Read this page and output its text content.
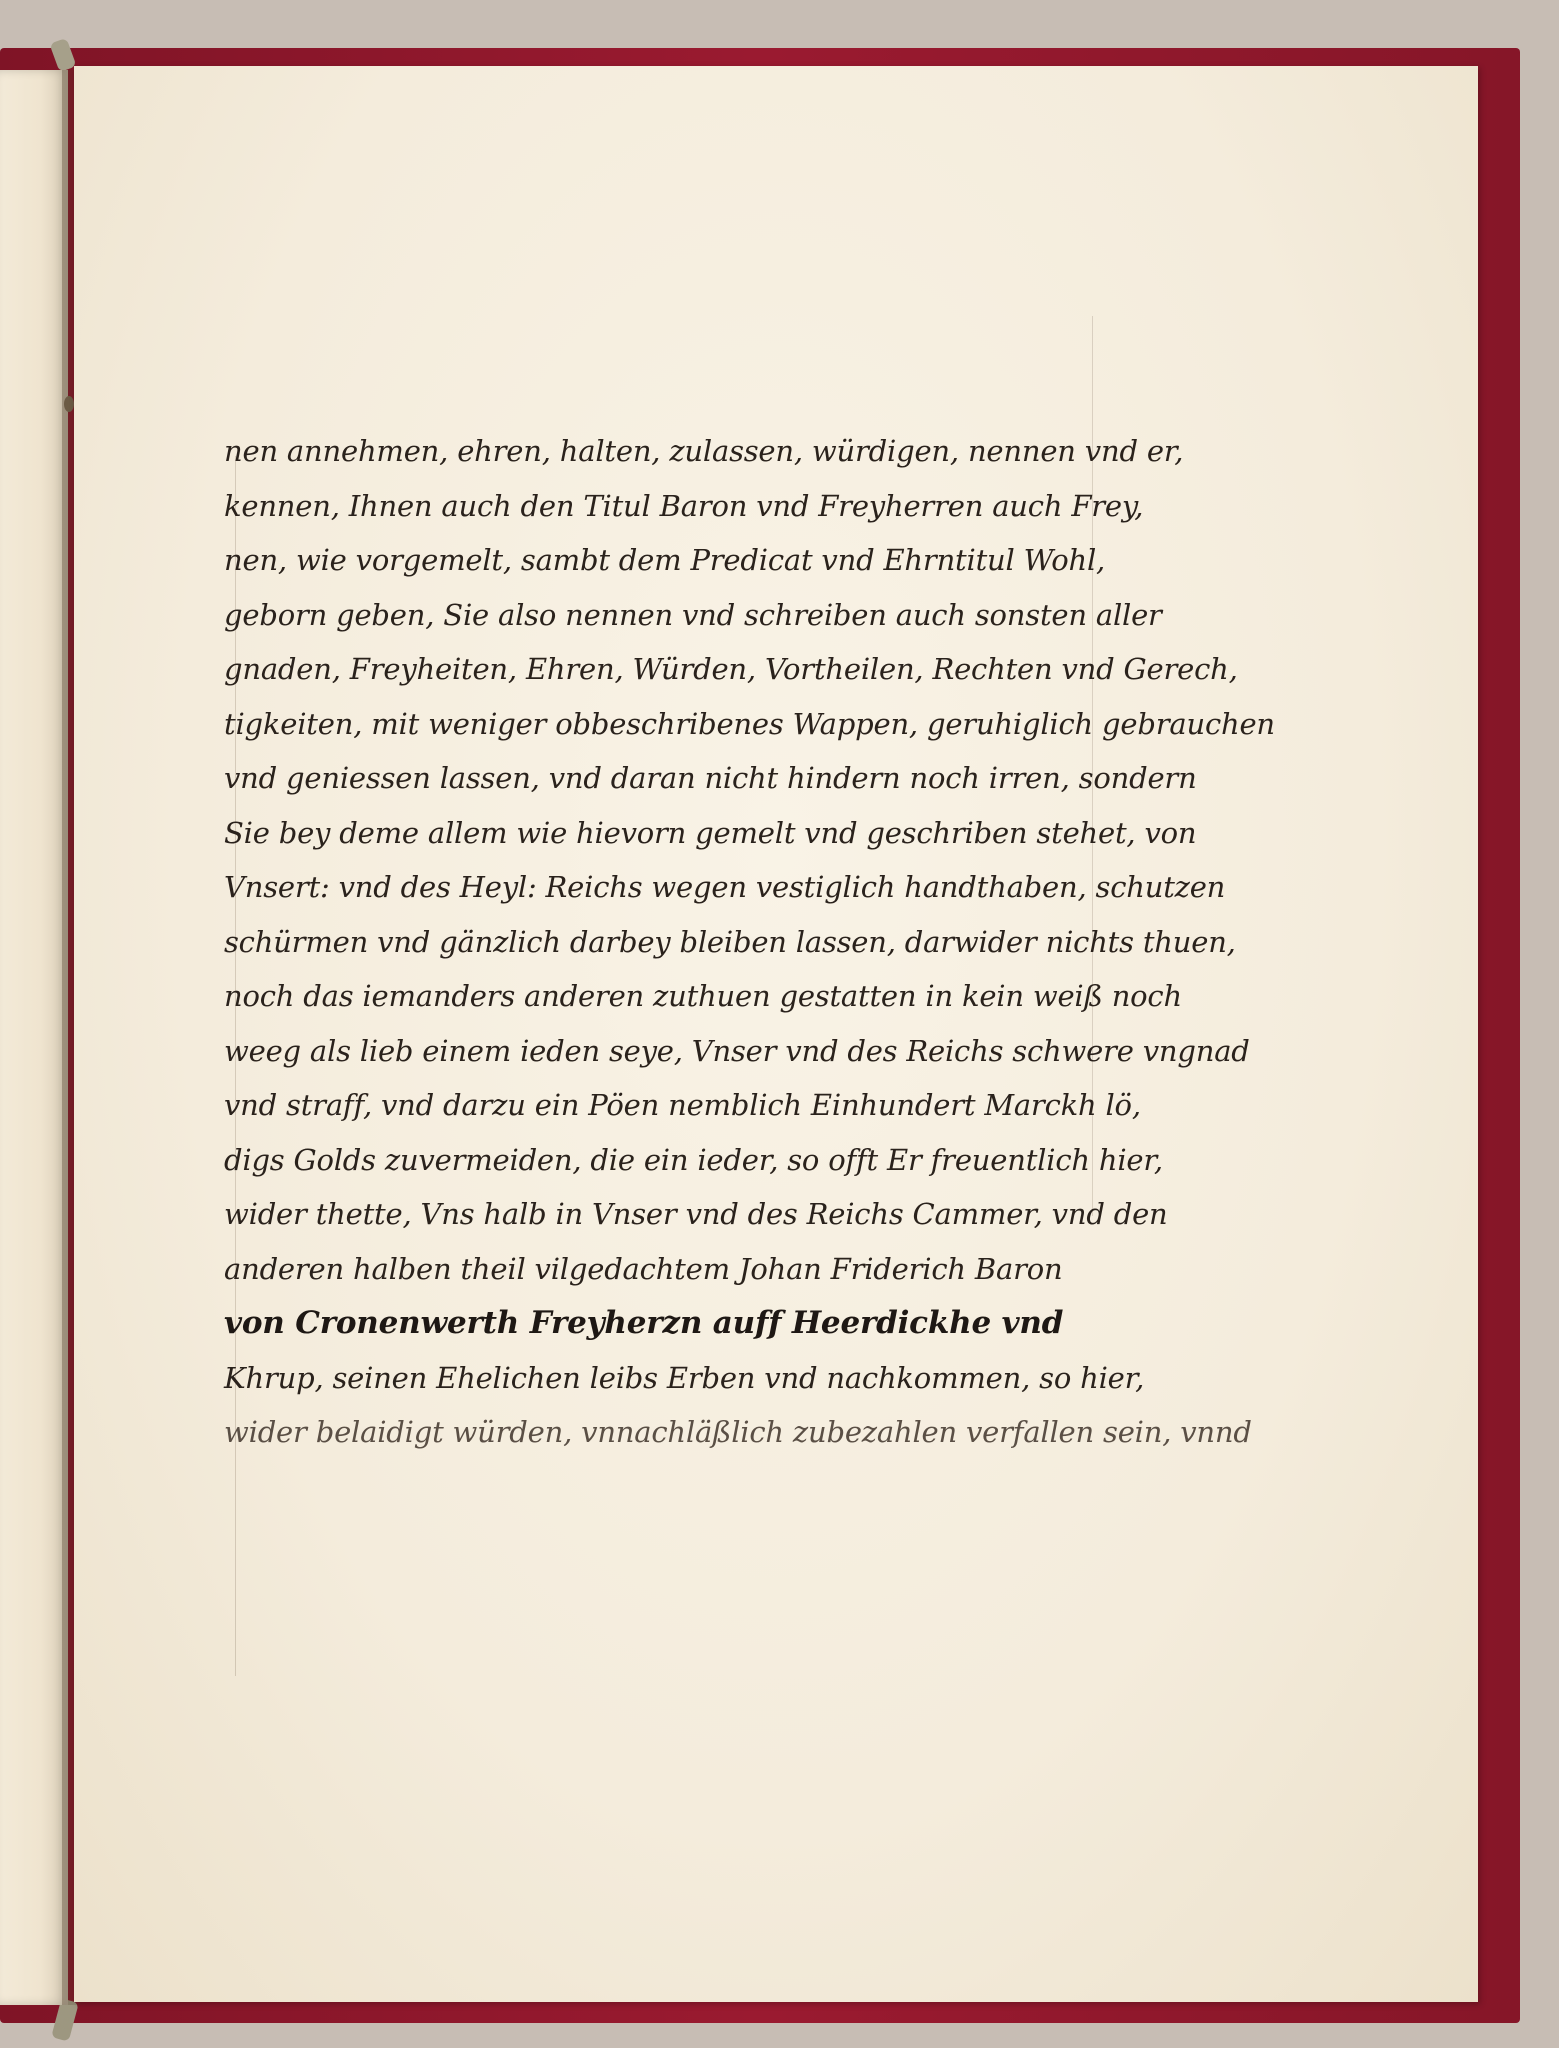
nen annehmen, ehren, halten, zulassen, würdigen, nennen vnd er,
kennen, Ihnen auch den Titul Baron vnd Freyherren auch Frey,
nen, wie vorgemelt, sambt dem Predicat vnd Ehrntitul Wohl,
geborn geben, Sie also nennen vnd schreiben auch sonsten aller
gnaden, Freyheiten, Ehren, Würden, Vortheilen, Rechten vnd Gerech,
tigkeiten, mit weniger obbeschribenes Wappen, geruhiglich gebrauchen
vnd geniessen lassen, vnd daran nicht hindern noch irren, sondern
Sie bey deme allem wie hievorn gemelt vnd geschriben stehet, von
Vnsert: vnd des Heyl: Reichs wegen vestiglich handthaben, schutzen
schürmen vnd gänzlich darbey bleiben lassen, darwider nichts thuen,
noch das iemanders anderen zuthuen gestatten in kein weiß noch
weeg als lieb einem ieden seye, Vnser vnd des Reichs schwere vngnad
vnd straff, vnd darzu ein Pöen nemblich Einhundert Marckh lö,
digs Golds zuvermeiden, die ein ieder, so offt Er freuentlich hier,
wider thette, Vns halb in Vnser vnd des Reichs Cammer, vnd den
anderen halben theil vilgedachtem Johan Friderich Baron
von Cronenwerth Freyherzn auff Heerdickhe vnd
Khrup, seinen Ehelichen leibs Erben vnd nachkommen, so hier,
wider belaidigt würden, vnnachläßlich zubezahlen verfallen sein, vnnd
